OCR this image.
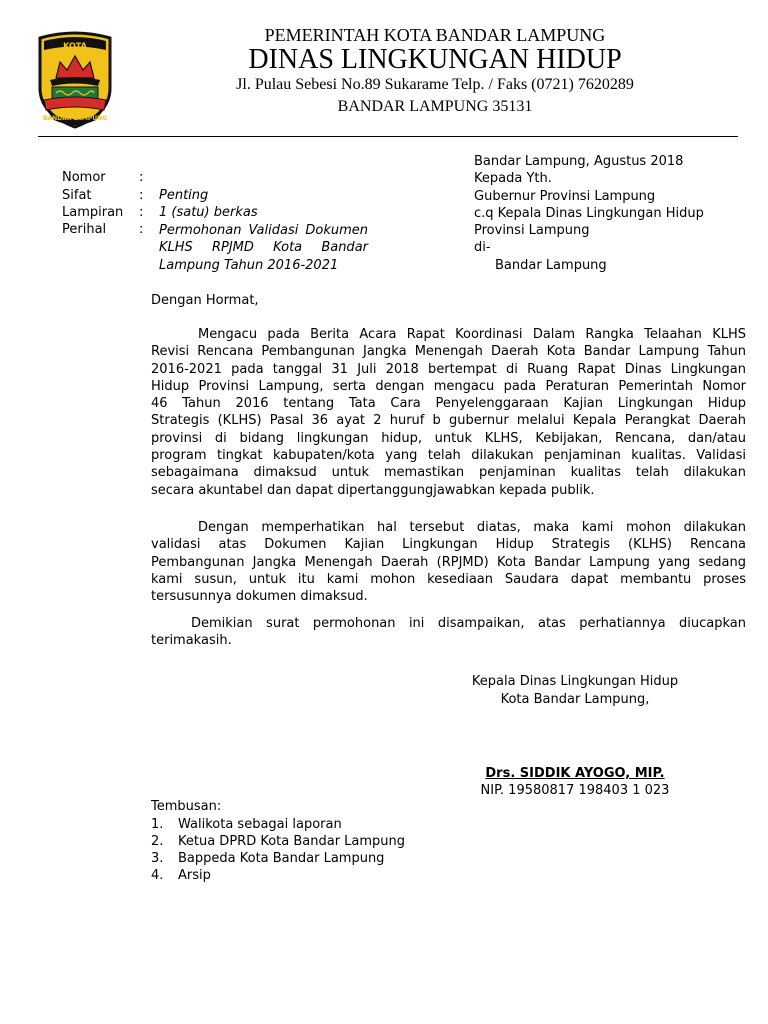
KOTA
BANDAR LAMPUNG
PEMERINTAH KOTA BANDAR LAMPUNG
DINAS LINGKUNGAN HIDUP
Jl. Pulau Sebesi No.89 Sukarame Telp. / Faks (0721) 7620289
BANDAR LAMPUNG 35131
Nomor	:
Sifat	: Penting
Lampiran : 1 (satu) berkas
Perihal	: Permohonan Validasi Dokumen
KLHS RPJMD Kota Bandar
Lampung Tahun 2016-2021
Bandar Lampung, Agustus 2018
Kepada Yth.
Gubernur Provinsi Lampung
c.q Kepala Dinas Lingkungan Hidup
Provinsi Lampung
di-
Bandar Lampung
Dengan Hormat,
Mengacu pada Berita Acara Rapat Koordinasi Dalam Rangka Telaahan KLHS
Revisi Rencana Pembangunan Jangka Menengah Daerah Kota Bandar Lampung Tahun
2016-2021 pada tanggal 31 Juli 2018 bertempat di Ruang Rapat Dinas Lingkungan
Hidup Provinsi Lampung, serta dengan mengacu pada Peraturan Pemerintah Nomor
46 Tahun 2016 tentang Tata Cara Penyelenggaraan Kajian Lingkungan Hidup
Strategis (KLHS) Pasal 36 ayat 2 huruf b gubernur melalui Kepala Perangkat Daerah
provinsi di bidang lingkungan hidup, untuk KLHS, Kebijakan, Rencana, dan/atau
program tingkat kabupaten/kota yang telah dilakukan penjaminan kualitas. Validasi
sebagaimana dimaksud untuk memastikan penjaminan kualitas telah dilakukan
secara akuntabel dan dapat dipertanggungjawabkan kepada publik.
Dengan memperhatikan hal tersebut diatas, maka kami mohon dilakukan
validasi atas Dokumen Kajian Lingkungan Hidup Strategis (KLHS) Rencana
Pembangunan Jangka Menengah Daerah (RPJMD) Kota Bandar Lampung yang sedang
kami susun, untuk itu kami mohon kesediaan Saudara dapat membantu proses
tersusunnya dokumen dimaksud.
Demikian surat permohonan ini disampaikan, atas perhatiannya diucapkan
terimakasih.
Kepala Dinas Lingkungan Hidup
Kota Bandar Lampung,
Drs. SIDDIK AYOGO, MIP.
NIP. 19580817 198403 1 023
Tembusan:
1. Walikota sebagai laporan
2. Ketua DPRD Kota Bandar Lampung
3. Bappeda Kota Bandar Lampung
4. Arsip
